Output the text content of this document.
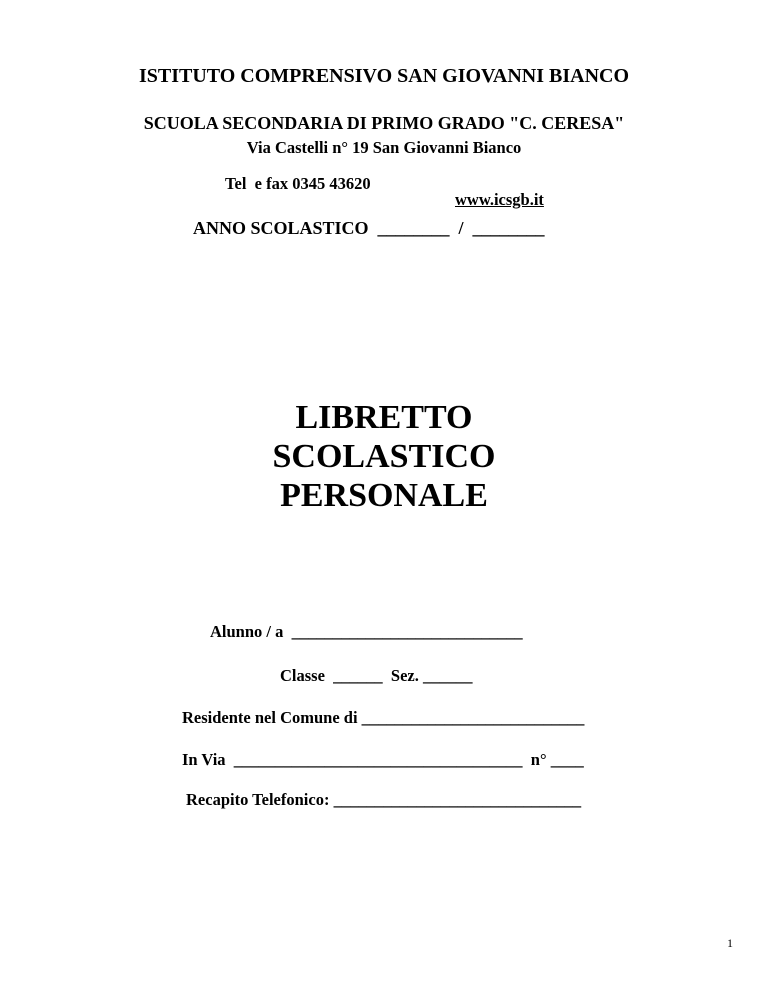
ISTITUTO COMPRENSIVO SAN GIOVANNI BIANCO
SCUOLA SECONDARIA DI PRIMO GRADO "C. CERESA"
Via Castelli n° 19 San Giovanni Bianco

Tel  e fax 0345 43620

www.icsgb.it

ANNO SCOLASTICO  ________  /  ________
LIBRETTO
SCOLASTICO
PERSONALE
Alunno / a  ____________________________
Classe  ______  Sez. ______
Residente nel Comune di ___________________________
In Via  ___________________________________  n° ____
Recapito Telefonico: ______________________________
1
